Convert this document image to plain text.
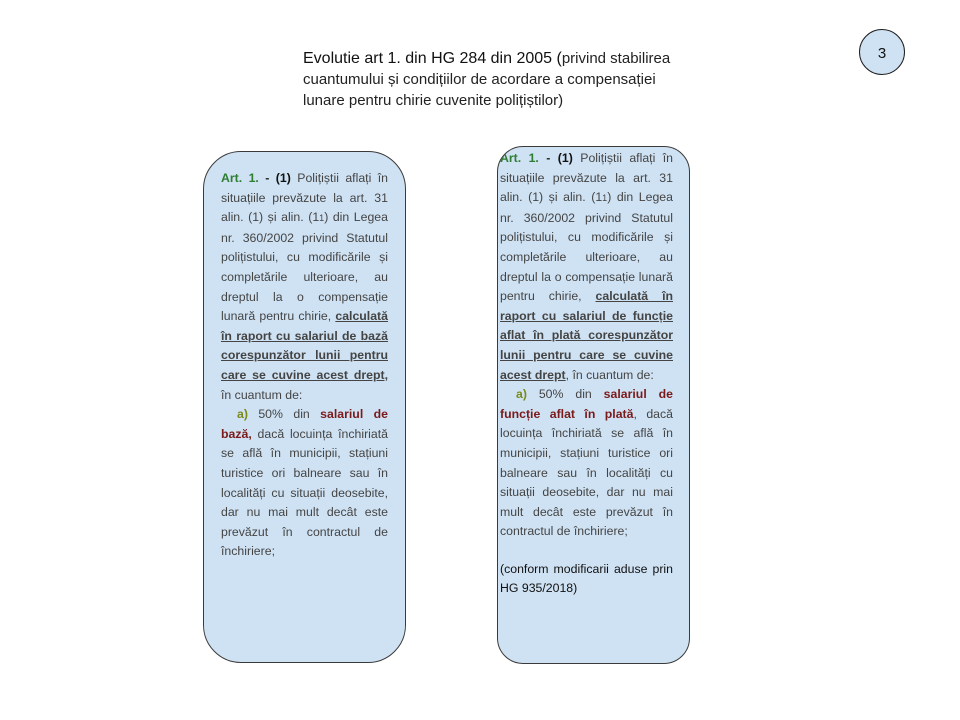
Evolutie art 1. din HG 284 din 2005 (privind stabilirea cuantumului și condițiilor de acordare a compensației lunare pentru chirie cuvenite polițiștilor)
3
Art. 1. - (1) Polițiștii aflați în situațiile prevăzute la art. 31 alin. (1) și alin. (11) din Legea nr. 360/2002 privind Statutul polițistului, cu modificările și completările ulterioare, au dreptul la o compensație lunară pentru chirie, calculată în raport cu salariul de bază corespunzător lunii pentru care se cuvine acest drept, în cuantum de:
a) 50% din salariul de bază, dacă locuința închiriată se află în municipii, stațiuni turistice ori balneare sau în localități cu situații deosebite, dar nu mai mult decât este prevăzut în contractul de închiriere;
Art. 1. - (1) Polițiștii aflați în situațiile prevăzute la art. 31 alin. (1) și alin. (11) din Legea nr. 360/2002 privind Statutul polițistului, cu modificările și completările ulterioare, au dreptul la o compensație lunară pentru chirie, calculată în raport cu salariul de funcție aflat în plată corespunzător lunii pentru care se cuvine acest drept, în cuantum de:
a) 50% din salariul de funcție aflat în plată, dacă locuința închiriată se află în municipii, stațiuni turistice ori balneare sau în localități cu situații deosebite, dar nu mai mult decât este prevăzut în contractul de închiriere;
(conform modificarii aduse prin HG 935/2018)
